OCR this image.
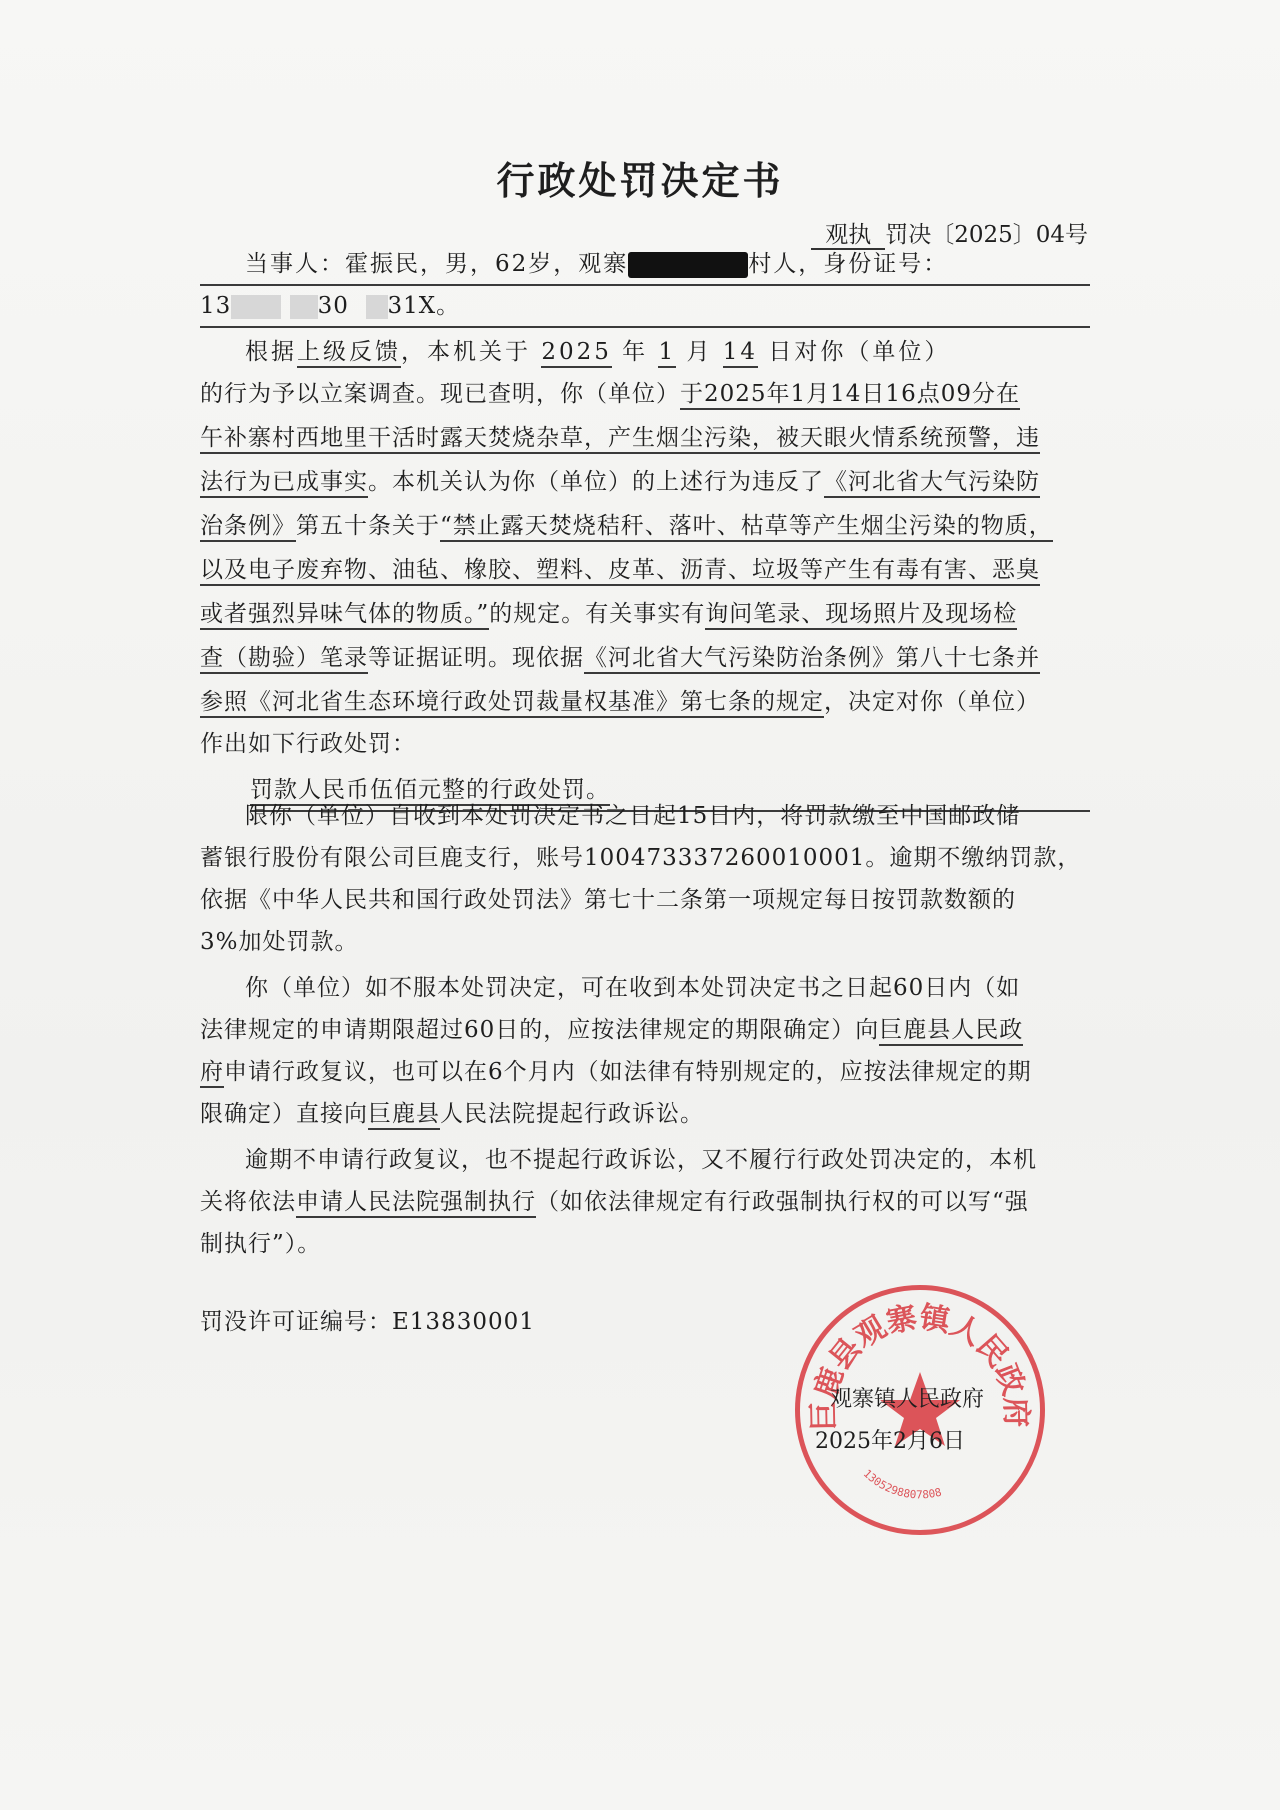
行政处罚决定书
观执 罚决〔2025〕04号
当事人：霍振民，男，62岁，观寨	村人，身份证号：
13	30 31X。
根据上级反馈，本机关于 2025 年 1 月 14 日对你（单位）
的行为予以立案调查。现已查明，你（单位）于2025年1月14日16点09分在
午补寨村西地里干活时露天焚烧杂草，产生烟尘污染，被天眼火情系统预警，违
法行为已成事实。本机关认为你（单位）的上述行为违反了《河北省大气污染防
治条例》第五十条关于“禁止露天焚烧秸秆、落叶、枯草等产生烟尘污染的物质，
以及电子废弃物、油毡、橡胶、塑料、皮革、沥青、垃圾等产生有毒有害、恶臭
或者强烈异味气体的物质。”的规定。有关事实有询问笔录、现场照片及现场检
查（勘验）笔录等证据证明。现依据《河北省大气污染防治条例》第八十七条并
参照《河北省生态环境行政处罚裁量权基准》第七条的规定，决定对你（单位）
作出如下行政处罚：
罚款人民币伍佰元整的行政处罚。
限你（单位）自收到本处罚决定书之日起15日内，将罚款缴至中国邮政储
蓄银行股份有限公司巨鹿支行，账号100473337260010001。逾期不缴纳罚款，
依据《中华人民共和国行政处罚法》第七十二条第一项规定每日按罚款数额的
3%加处罚款。
你（单位）如不服本处罚决定，可在收到本处罚决定书之日起60日内（如
法律规定的申请期限超过60日的，应按法律规定的期限确定）向巨鹿县人民政
府申请行政复议，也可以在6个月内（如法律有特别规定的，应按法律规定的期
限确定）直接向巨鹿县人民法院提起行政诉讼。
逾期不申请行政复议，也不提起行政诉讼，又不履行行政处罚决定的，本机
关将依法申请人民法院强制执行（如依法律规定有行政强制执行权的可以写“强
制执行”）。
罚没许可证编号：E13830001
巨鹿县观寨镇人民政府
1305298807808
观寨镇人民政府
2025年2月6日
